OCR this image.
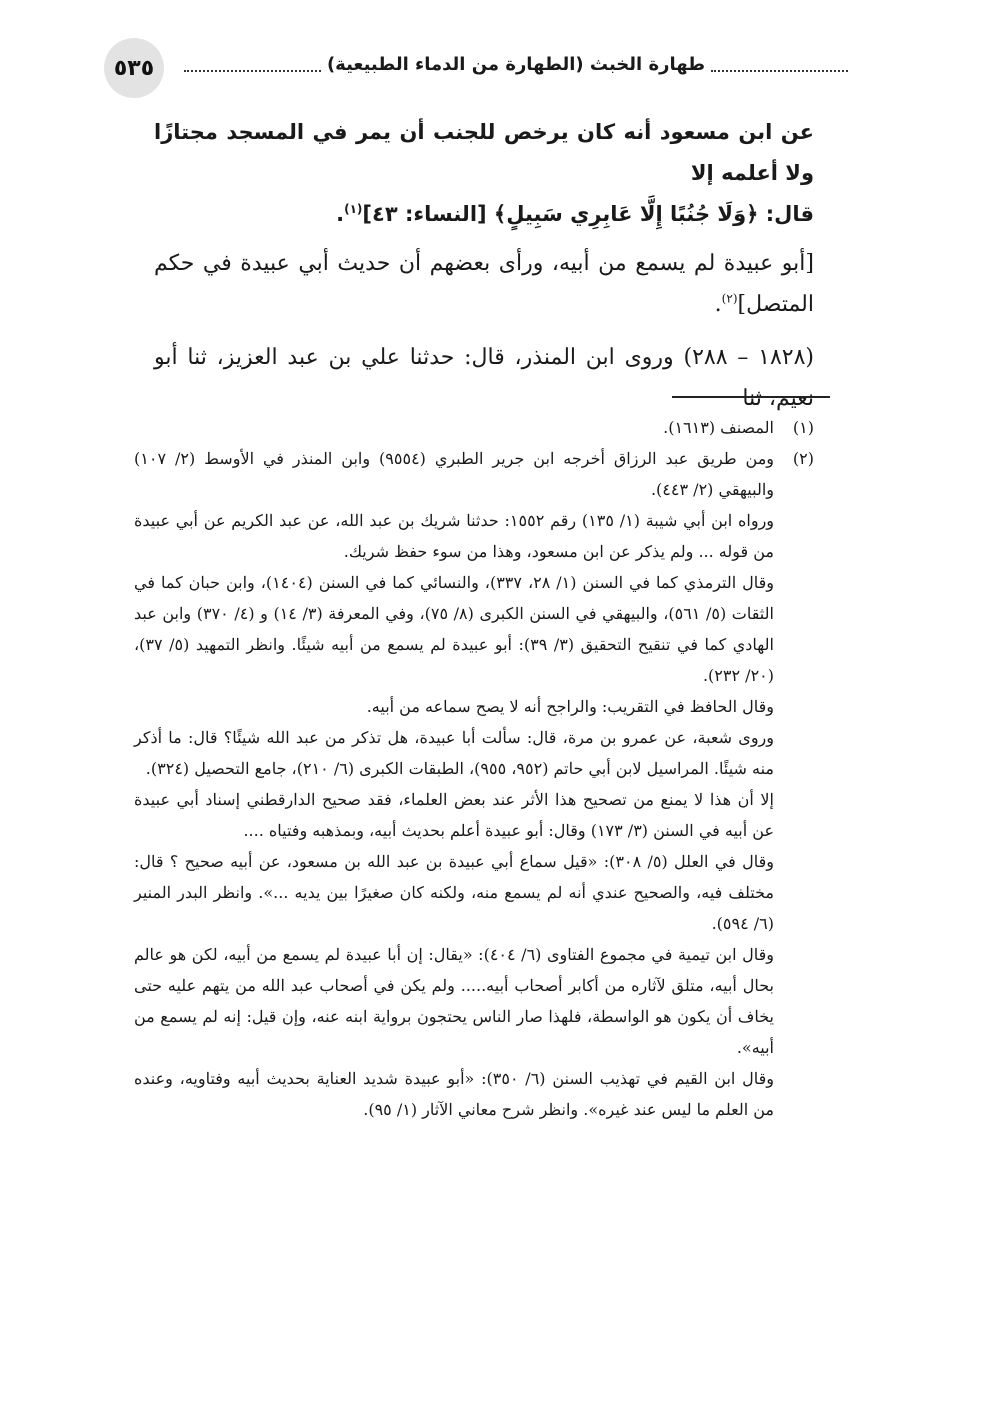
٥٣٥	طهارة الخبث (الطهارة من الدماء الطبيعية)

عن ابن مسعود أنه كان يرخص للجنب أن يمر في المسجد مجتازًا ولا أعلمه إلا
قال: ﴿وَلَا جُنُبًا إِلَّا عَابِرِي سَبِيلٍ﴾ [النساء: ٤٣]$^{(١)}$.

[أبو عبيدة لم يسمع من أبيه، ورأى بعضهم أن حديث أبي عبيدة في حكم المتصل]$^{(٢)}$.

(١٨٢٨ – ٢٨٨) وروى ابن المنذر، قال: حدثنا علي بن عبد العزيز، ثنا أبو نعيم، ثنا

(١)
المصنف (١٦١٣).
(٢)
ومن طريق عبد الرزاق أخرجه ابن جرير الطبري (٩٥٥٤) وابن المنذر في الأوسط (٢/ ١٠٧) والبيهقي (٢/ ٤٤٣).
ورواه ابن أبي شيبة (١/ ١٣٥) رقم ١٥٥٢: حدثنا شريك بن عبد الله، عن عبد الكريم عن أبي عبيدة من قوله ... ولم يذكر عن ابن مسعود، وهذا من سوء حفظ شريك.
وقال الترمذي كما في السنن (١/ ٢٨، ٣٣٧)، والنسائي كما في السنن (١٤٠٤)، وابن حبان كما في الثقات (٥/ ٥٦١)، والبيهقي في السنن الكبرى (٨/ ٧٥)، وفي المعرفة (٣/ ١٤) و (٤/ ٣٧٠) وابن عبد الهادي كما في تنقيح التحقيق (٣/ ٣٩): أبو عبيدة لم يسمع من أبيه شيئًا. وانظر التمهيد (٥/ ٣٧)، (٢٠/ ٢٣٢).
وقال الحافظ في التقريب: والراجح أنه لا يصح سماعه من أبيه.
وروى شعبة، عن عمرو بن مرة، قال: سألت أبا عبيدة، هل تذكر من عبد الله شيئًا؟ قال: ما أذكر منه شيئًا. المراسيل لابن أبي حاتم (٩٥٢، ٩٥٥)، الطبقات الكبرى (٦/ ٢١٠)، جامع التحصيل (٣٢٤).
إلا أن هذا لا يمنع من تصحيح هذا الأثر عند بعض العلماء، فقد صحيح الدارقطني إسناد أبي عبيدة عن أبيه في السنن (٣/ ١٧٣) وقال: أبو عبيدة أعلم بحديث أبيه، وبمذهبه وفتياه ....
وقال في العلل (٥/ ٣٠٨): «قيل سماع أبي عبيدة بن عبد الله بن مسعود، عن أبيه صحيح ؟ قال: مختلف فيه، والصحيح عندي أنه لم يسمع منه، ولكنه كان صغيرًا بين يديه ...». وانظر البدر المنير (٦/ ٥٩٤).
وقال ابن تيمية في مجموع الفتاوى (٦/ ٤٠٤): «يقال: إن أبا عبيدة لم يسمع من أبيه، لكن هو عالم بحال أبيه، متلق لآثاره من أكابر أصحاب أبيه..... ولم يكن في أصحاب عبد الله من يتهم عليه حتى يخاف أن يكون هو الواسطة، فلهذا صار الناس يحتجون برواية ابنه عنه، وإن قيل: إنه لم يسمع من أبيه».
وقال ابن القيم في تهذيب السنن (٦/ ٣٥٠): «أبو عبيدة شديد العناية بحديث أبيه وفتاويه، وعنده من العلم ما ليس عند غيره». وانظر شرح معاني الآثار (١/ ٩٥).
